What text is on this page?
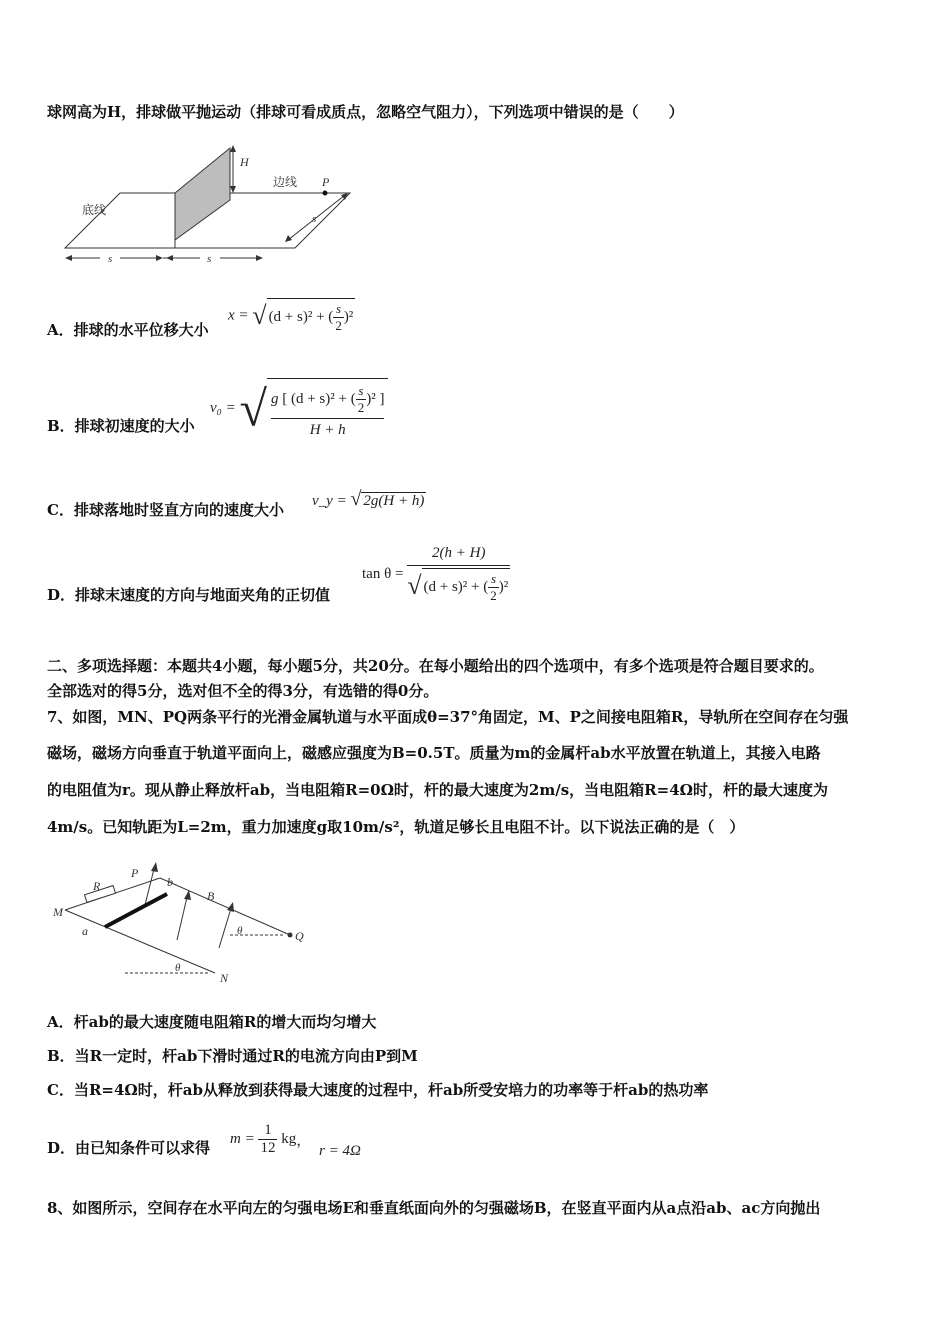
球网高为H，排球做平抛运动（排球可看成质点，忽略空气阻力），下列选项中错误的是（　　）
H
边线 P
底线
s
s	s
A．排球的水平位移大小
x = √ (d + s)² + ( $\frac{s}{2} )^2$
B．排球初速度的大小
v₀ = √ $\frac{g [ (d + s)^2 + ( \frac{s}{2} )^2 ]}{H + h}$
C．排球落地时竖直方向的速度大小 v_y = √ 2g(H + h)
D．排球末速度的方向与地面夹角的正切值
$\tan \theta = \frac{2(h + H)}{√ (d + s)^2 + ( \frac{s}{2} )^2}$
二、多项选择题：本题共4小题，每小题5分，共20分。在每小题给出的四个选项中，有多个选项是符合题目要求的。
全部选对的得5分，选对但不全的得3分，有选错的得0分。
7、如图，MN、PQ两条平行的光滑金属轨道与水平面成θ=37°角固定，M、P之间接电阻箱R，导轨所在空间存在匀强
磁场，磁场方向垂直于轨道平面向上，磁感应强度为B=0.5T。质量为m的金属杆ab水平放置在轨道上，其接入电路
的电阻值为r。现从静止释放杆ab，当电阻箱R=0Ω时，杆的最大速度为2m/s，当电阻箱R=4Ω时，杆的最大速度为
4m/s。已知轨距为L=2m，重力加速度g取10m/s²，轨道足够长且电阻不计。以下说法正确的是（　）
R
P
b
B
M
a	θ	Q
θ
N
A．杆ab的最大速度随电阻箱R的增大而均匀增大
B．当R一定时，杆ab下滑时通过R的电流方向由P到M
C．当R=4Ω时，杆ab从释放到获得最大速度的过程中，杆ab所受安培力的功率等于杆ab的热功率
D．由已知条件可以求得 $m = \frac{1}{12}$ kg， r = 4Ω
8、如图所示，空间存在水平向左的匀强电场E和垂直纸面向外的匀强磁场B，在竖直平面内从a点沿ab、ac方向抛出
